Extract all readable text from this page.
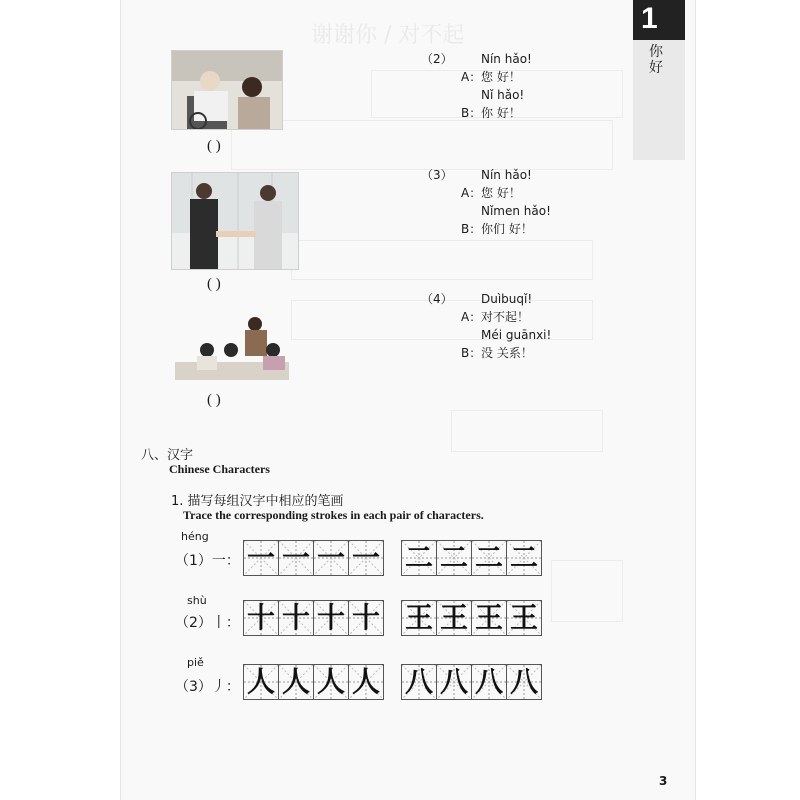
谢谢你 / 对不起
1
你
好
( )
( )
( )
（2）	Nín hǎo!
A：您 好！
Nǐ hǎo!
B：你 好！
（3）	Nín hǎo!
A：您 好！
Nǐmen hǎo!
B：你们 好！
（4）	Duìbuqǐ!
A：对不起！
Méi guānxi!
B：没 关系！
八、汉字
Chinese Characters
1. 描写每组汉字中相应的笔画
Trace the corresponding strokes in each pair of characters.
héng
（1）一： 一 一 一 一 二 二 二 二
shù
（2）丨： 十 十 十 十 王 王 王 王
piě
（3）丿： 人 人 人 人 八 八 八 八
3
